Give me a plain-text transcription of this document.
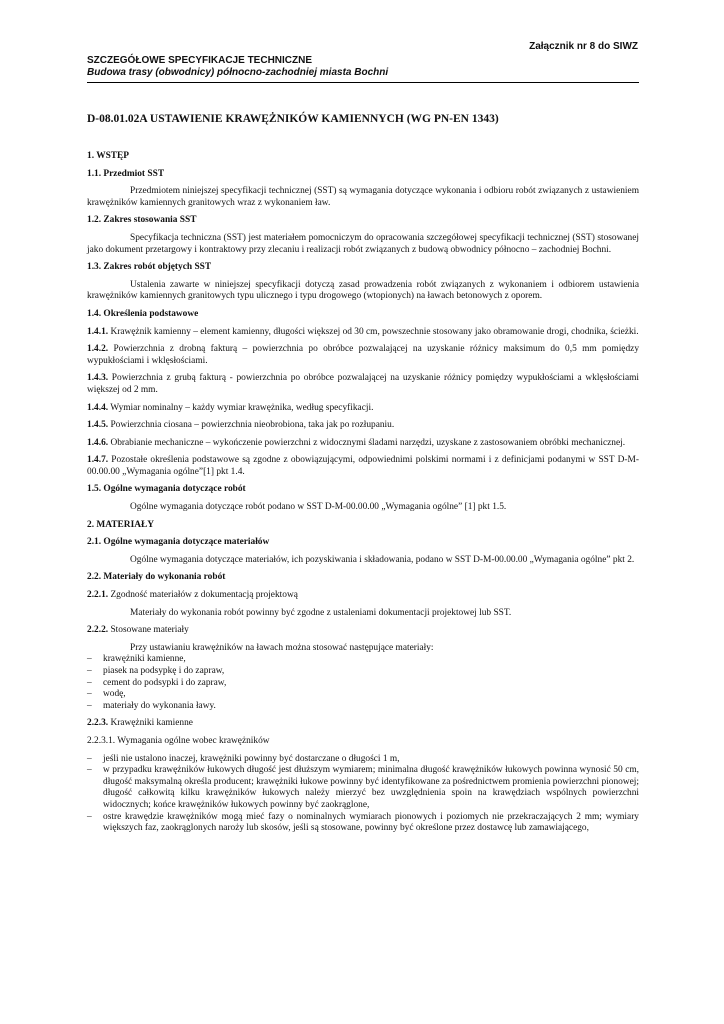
Załącznik nr 8 do SIWZ
SZCZEGÓŁOWE SPECYFIKACJE TECHNICZNE
Budowa trasy (obwodnicy) północno-zachodniej miasta Bochni

D-08.01.02A USTAWIENIE KRAWĘŻNIKÓW KAMIENNYCH (WG PN-EN 1343)

1. WSTĘP

1.1. Przedmiot SST

Przedmiotem niniejszej specyfikacji technicznej (SST) są wymagania dotyczące wykonania i odbioru robót związanych z ustawieniem krawężników kamiennych granitowych wraz z wykonaniem ław.

1.2. Zakres stosowania SST

Specyfikacja techniczna (SST) jest materiałem pomocniczym do opracowania szczegółowej specyfikacji technicznej (SST) stosowanej jako dokument przetargowy i kontraktowy przy zlecaniu i realizacji robót związanych z budową obwodnicy północno – zachodniej Bochni.

1.3. Zakres robót objętych SST

Ustalenia zawarte w niniejszej specyfikacji dotyczą zasad prowadzenia robót związanych z wykonaniem i odbiorem ustawienia krawężników kamiennych granitowych typu ulicznego i typu drogowego (wtopionych) na ławach betonowych z oporem.

1.4. Określenia podstawowe

1.4.1. Krawężnik kamienny – element kamienny, długości większej od 30 cm, powszechnie stosowany jako obramowanie drogi, chodnika, ścieżki.

1.4.2. Powierzchnia z drobną fakturą – powierzchnia po obróbce pozwalającej na uzyskanie różnicy maksimum do 0,5 mm pomiędzy wypukłościami i wklęsłościami.

1.4.3. Powierzchnia z grubą fakturą - powierzchnia po obróbce pozwalającej na uzyskanie różnicy pomiędzy wypukłościami a wklęsłościami większej od 2 mm.

1.4.4. Wymiar nominalny – każdy wymiar krawężnika, według specyfikacji.

1.4.5. Powierzchnia ciosana – powierzchnia nieobrobiona, taka jak po rozłupaniu.

1.4.6. Obrabianie mechaniczne – wykończenie powierzchni z widocznymi śladami narzędzi, uzyskane z zastosowaniem obróbki mechanicznej.

1.4.7. Pozostałe określenia podstawowe są zgodne z obowiązującymi, odpowiednimi polskimi normami i z definicjami podanymi w SST D-M-00.00.00 „Wymagania ogólne”[1] pkt 1.4.

1.5. Ogólne wymagania dotyczące robót

Ogólne wymagania dotyczące robót podano w SST D-M-00.00.00 „Wymagania ogólne” [1] pkt 1.5.

2. MATERIAŁY

2.1. Ogólne wymagania dotyczące materiałów

Ogólne wymagania dotyczące materiałów, ich pozyskiwania i składowania, podano w SST D-M-00.00.00 „Wymagania ogólne” pkt 2.

2.2. Materiały do wykonania robót

2.2.1. Zgodność materiałów z dokumentacją projektową

Materiały do wykonania robót powinny być zgodne z ustaleniami dokumentacji projektowej lub SST.

2.2.2. Stosowane materiały

Przy ustawianiu krawężników na ławach można stosować następujące materiały:

– krawężniki kamienne,
– piasek na podsypkę i do zapraw,
– cement do podsypki i do zapraw,
– wodę,
– materiały do wykonania ławy.

2.2.3. Krawężniki kamienne

2.2.3.1. Wymagania ogólne wobec krawężników

– jeśli nie ustalono inaczej, krawężniki powinny być dostarczane o długości 1 m,
– w przypadku krawężników łukowych długość jest dłuższym wymiarem; minimalna długość krawężników łukowych powinna wynosić 50 cm, długość maksymalną określa producent; krawężniki łukowe powinny być identyfikowane za pośrednictwem promienia powierzchni pionowej; długość całkowitą kilku krawężników łukowych należy mierzyć bez uwzględnienia spoin na krawędziach wspólnych powierzchni widocznych; końce krawężników łukowych powinny być zaokrąglone,
– ostre krawędzie krawężników mogą mieć fazy o nominalnych wymiarach pionowych i poziomych nie przekraczających 2 mm; wymiary większych faz, zaokrąglonych naroży lub skosów, jeśli są stosowane, powinny być określone przez dostawcę lub zamawiającego,
